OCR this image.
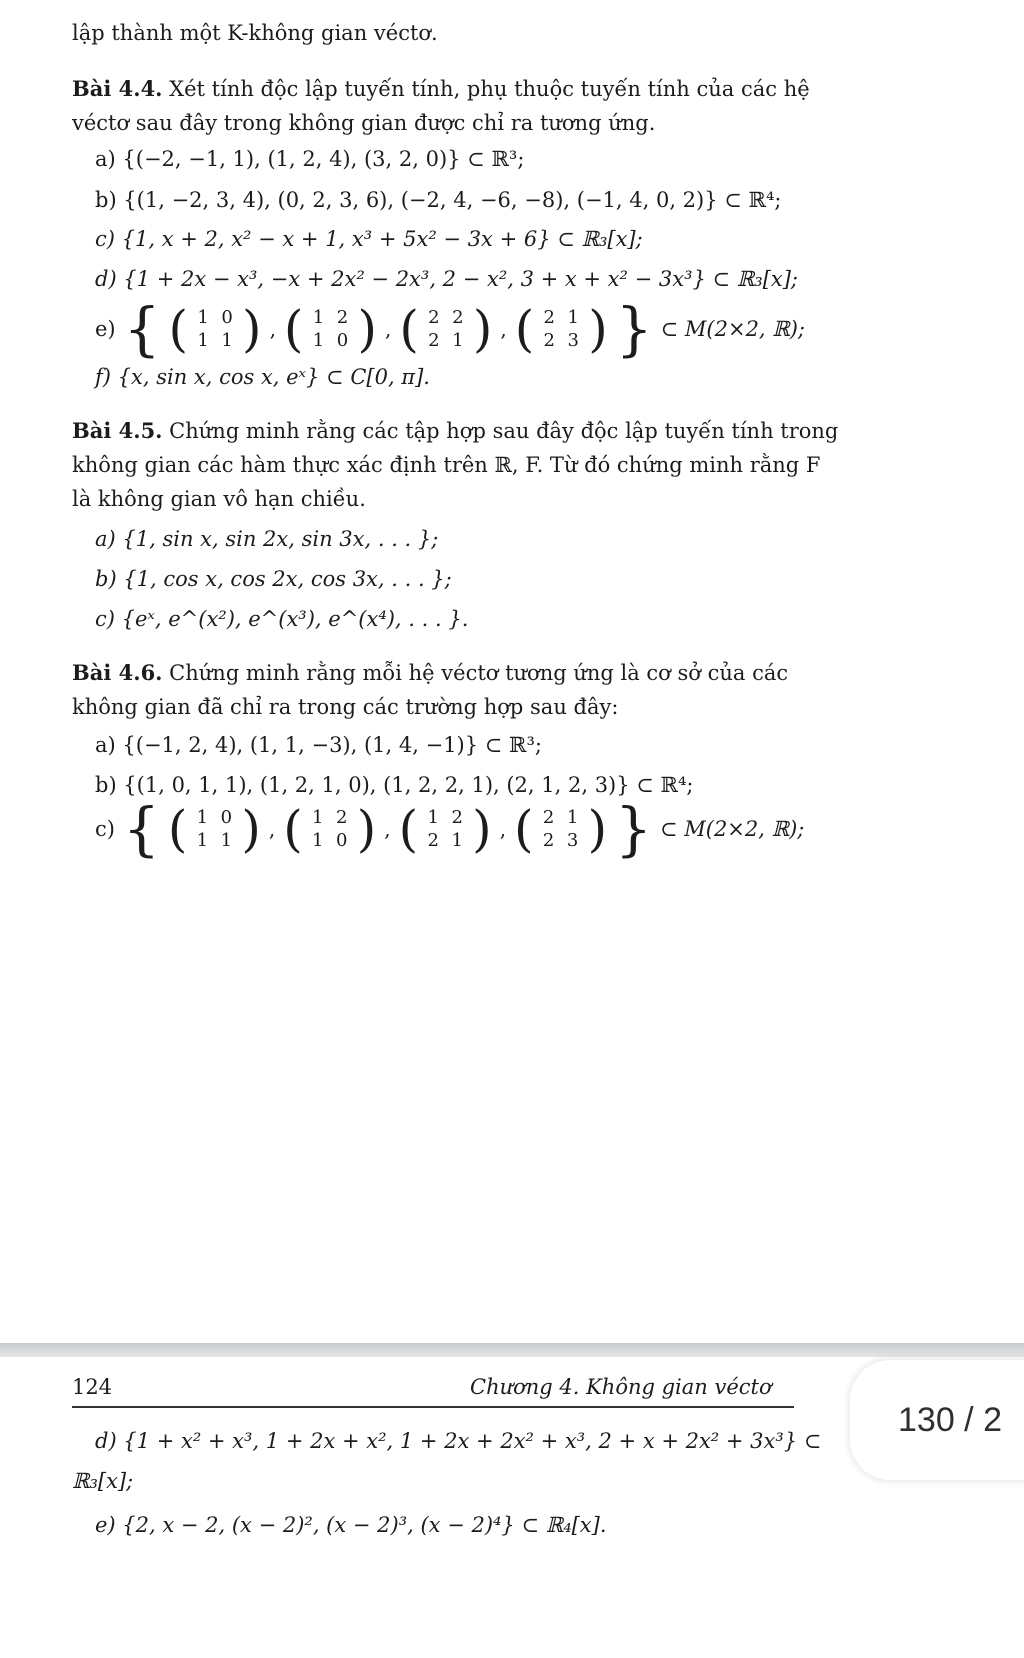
lập thành một K-không gian véctơ.
Bài 4.4. Xét tính độc lập tuyến tính, phụ thuộc tuyến tính của các hệ
véctơ sau đây trong không gian được chỉ ra tương ứng.
a) {(−2, −1, 1), (1, 2, 4), (3, 2, 0)} ⊂ ℝ³;
b) {(1, −2, 3, 4), (0, 2, 3, 6), (−2, 4, −6, −8), (−1, 4, 0, 2)} ⊂ ℝ⁴;
c) {1, x + 2, x² − x + 1, x³ + 5x² − 3x + 6} ⊂ ℝ₃[x];
d) {1 + 2x − x³, −x + 2x² − 2x³, 2 − x², 3 + x + x² − 3x³} ⊂ ℝ₃[x];
e) { ( 1 0
1 1 ) , ( 1 2
1 0 ) , ( 2 2
2 1 ) , ( 2 1
2 3 ) } ⊂ M(2×2, ℝ);
f) {x, sin x, cos x, eˣ} ⊂ C[0, π].
Bài 4.5. Chứng minh rằng các tập hợp sau đây độc lập tuyến tính trong
không gian các hàm thực xác định trên ℝ, F. Từ đó chứng minh rằng F
là không gian vô hạn chiều.
a) {1, sin x, sin 2x, sin 3x, . . . };
b) {1, cos x, cos 2x, cos 3x, . . . };
c) {eˣ, e^(x²), e^(x³), e^(x⁴), . . . }.
Bài 4.6. Chứng minh rằng mỗi hệ véctơ tương ứng là cơ sở của các
không gian đã chỉ ra trong các trường hợp sau đây:
a) {(−1, 2, 4), (1, 1, −3), (1, 4, −1)} ⊂ ℝ³;
b) {(1, 0, 1, 1), (1, 2, 1, 0), (1, 2, 2, 1), (2, 1, 2, 3)} ⊂ ℝ⁴;
c) { ( 1 0
1 1 ) , ( 1 2
1 0 ) , ( 1 2
2 1 ) , ( 2 1
2 3 ) } ⊂ M(2×2, ℝ);
130 / 2
124	Chương 4. Không gian véctơ
d) {1 + x² + x³, 1 + 2x + x², 1 + 2x + 2x² + x³, 2 + x + 2x² + 3x³} ⊂
ℝ₃[x];
e) {2, x − 2, (x − 2)², (x − 2)³, (x − 2)⁴} ⊂ ℝ₄[x].
